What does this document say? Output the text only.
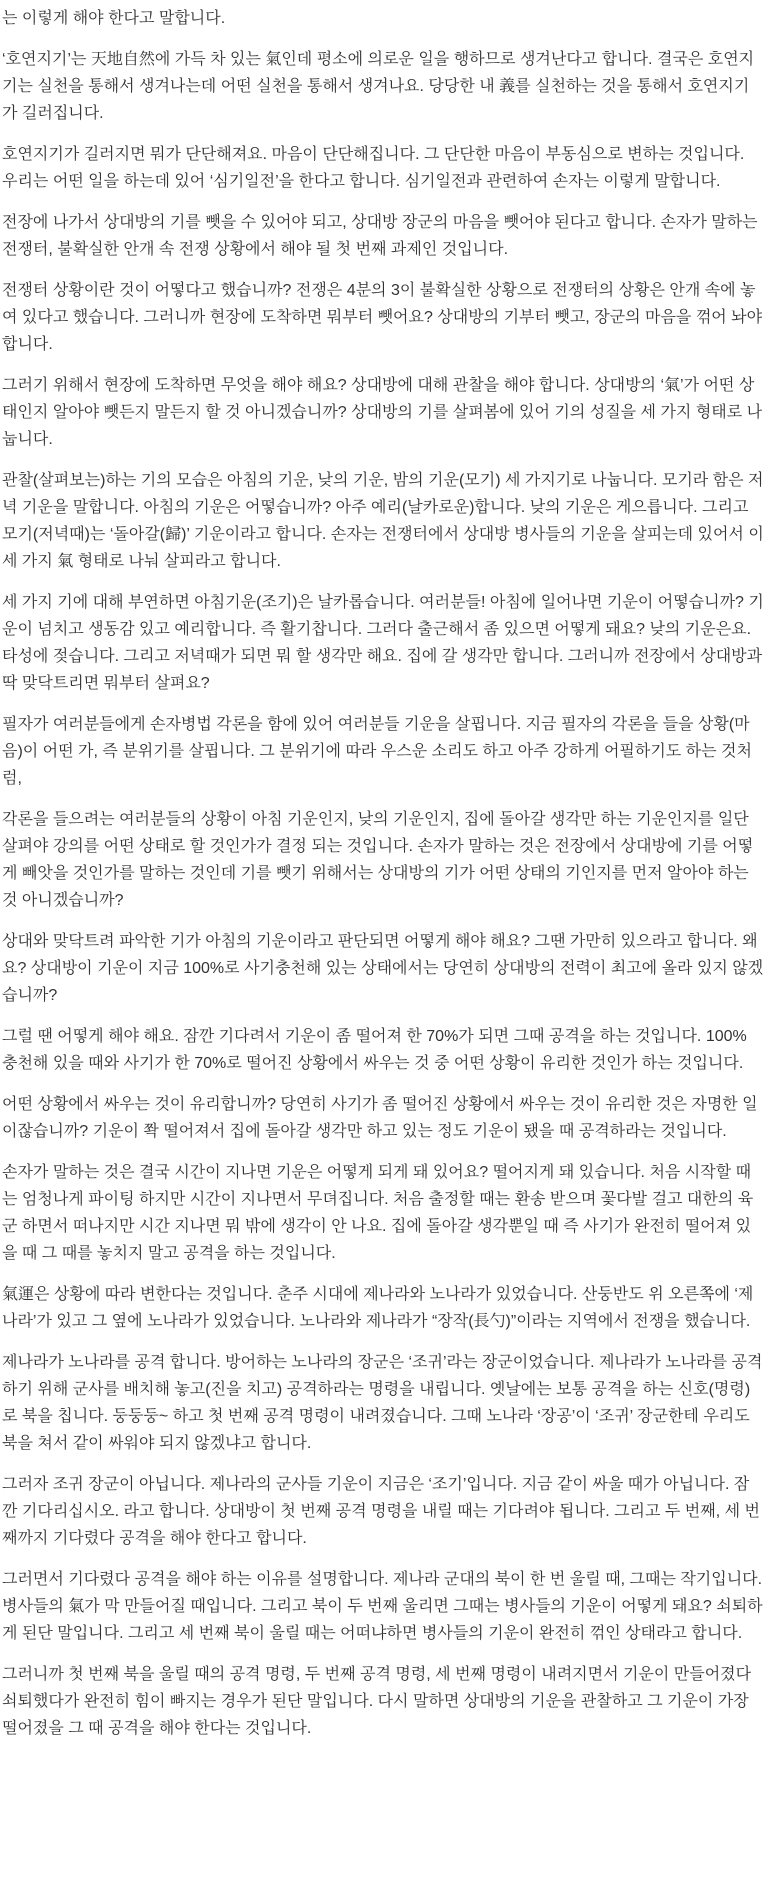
는 이렇게 해야 한다고 말합니다.

‘호연지기’는 天地自然에 가득 차 있는 氣인데 평소에 의로운 일을 행하므로 생겨난다고 합니다. 결국은 호연지기는 실천을 통해서 생겨나는데 어떤 실천을 통해서 생겨나요. 당당한 내 義를 실천하는 것을 통해서 호연지기가 길러집니다.

호연지기가 길러지면 뭐가 단단해져요. 마음이 단단해집니다. 그 단단한 마음이 부동심으로 변하는 것입니다. 우리는 어떤 일을 하는데 있어 ‘심기일전’을 한다고 합니다. 심기일전과 관련하여 손자는 이렇게 말합니다.

전장에 나가서 상대방의 기를 뺏을 수 있어야 되고, 상대방 장군의 마음을 뺏어야 된다고 합니다. 손자가 말하는 전쟁터, 불확실한 안개 속 전쟁 상황에서 해야 될 첫 번째 과제인 것입니다.

전쟁터 상황이란 것이 어떻다고 했습니까? 전쟁은 4분의 3이 불확실한 상황으로 전쟁터의 상황은 안개 속에 놓여 있다고 했습니다. 그러니까 현장에 도착하면 뭐부터 뺏어요? 상대방의 기부터 뺏고, 장군의 마음을 꺾어 놔야 합니다.

그러기 위해서 현장에 도착하면 무엇을 해야 해요? 상대방에 대해 관찰을 해야 합니다. 상대방의 ‘氣’가 어떤 상태인지 알아야 뺏든지 말든지 할 것 아니겠습니까? 상대방의 기를 살펴봄에 있어 기의 성질을 세 가지 형태로 나눕니다.

관찰(살펴보는)하는 기의 모습은 아침의 기운, 낮의 기운, 밤의 기운(모기) 세 가지기로 나눕니다. 모기라 함은 저녁 기운을 말합니다. 아침의 기운은 어떻습니까? 아주 예리(날카로운)합니다. 낮의 기운은 게으릅니다. 그리고 모기(저녁때)는 ‘돌아갈(歸)’ 기운이라고 합니다. 손자는 전쟁터에서 상대방 병사들의 기운을 살피는데 있어서 이 세 가지 氣 형태로 나눠 살피라고 합니다.

세 가지 기에 대해 부연하면 아침기운(조기)은 날카롭습니다. 여러분들! 아침에 일어나면 기운이 어떻습니까? 기운이 넘치고 생동감 있고 예리합니다. 즉 활기찹니다. 그러다 출근해서 좀 있으면 어떻게 돼요? 낮의 기운은요. 타성에 젖습니다. 그리고 저녁때가 되면 뭐 할 생각만 해요. 집에 갈 생각만 합니다. 그러니까 전장에서 상대방과 딱 맞닥트리면 뭐부터 살펴요?

필자가 여러분들에게 손자병법 각론을 함에 있어 여러분들 기운을 살핍니다. 지금 필자의 각론을 들을 상황(마음)이 어떤 가, 즉 분위기를 살핍니다. 그 분위기에 따라 우스운 소리도 하고 아주 강하게 어필하기도 하는 것처럼,

각론을 들으려는 여러분들의 상황이 아침 기운인지, 낮의 기운인지, 집에 돌아갈 생각만 하는 기운인지를 일단 살펴야 강의를 어떤 상태로 할 것인가가 결정 되는 것입니다. 손자가 말하는 것은 전장에서 상대방에 기를 어떻게 빼앗을 것인가를 말하는 것인데 기를 뺏기 위해서는 상대방의 기가 어떤 상태의 기인지를 먼저 알아야 하는 것 아니겠습니까?

상대와 맞닥트려 파악한 기가 아침의 기운이라고 판단되면 어떻게 해야 해요? 그땐 가만히 있으라고 합니다. 왜요? 상대방이 기운이 지금 100%로 사기충천해 있는 상태에서는 당연히 상대방의 전력이 최고에 올라 있지 않겠습니까?

그럴 땐 어떻게 해야 해요. 잠깐 기다려서 기운이 좀 떨어져 한 70%가 되면 그때 공격을 하는 것입니다. 100% 충천해 있을 때와 사기가 한 70%로 떨어진 상황에서 싸우는 것 중 어떤 상황이 유리한 것인가 하는 것입니다.

어떤 상황에서 싸우는 것이 유리합니까? 당연히 사기가 좀 떨어진 상황에서 싸우는 것이 유리한 것은 자명한 일이잖습니까? 기운이 쫙 떨어져서 집에 돌아갈 생각만 하고 있는 정도 기운이 됐을 때 공격하라는 것입니다.

손자가 말하는 것은 결국 시간이 지나면 기운은 어떻게 되게 돼 있어요? 떨어지게 돼 있습니다. 처음 시작할 때는 엄청나게 파이팅 하지만 시간이 지나면서 무뎌집니다. 처음 출정할 때는 환송 받으며 꽃다발 걸고 대한의 육군 하면서 떠나지만 시간 지나면 뭐 밖에 생각이 안 나요. 집에 돌아갈 생각뿐일 때 즉 사기가 완전히 떨어져 있을 때 그 때를 놓치지 말고 공격을 하는 것입니다.

氣運은 상황에 따라 변한다는 것입니다. 춘주 시대에 제나라와 노나라가 있었습니다. 산둥반도 위 오른쪽에 ‘제나라’가 있고 그 옆에 노나라가 있었습니다. 노나라와 제나라가 “장작(長勺)”이라는 지역에서 전쟁을 했습니다.

제나라가 노나라를 공격 합니다. 방어하는 노나라의 장군은 ‘조귀’라는 장군이었습니다. 제나라가 노나라를 공격하기 위해 군사를 배치해 놓고(진을 치고) 공격하라는 명령을 내립니다. 옛날에는 보통 공격을 하는 신호(명령)로 북을 칩니다. 둥둥둥~ 하고 첫 번째 공격 명령이 내려졌습니다. 그때 노나라 ‘장공’이 ‘조귀’ 장군한테 우리도 북을 쳐서 같이 싸워야 되지 않겠냐고 합니다.

그러자 조귀 장군이 아닙니다. 제나라의 군사들 기운이 지금은 ‘조기’입니다. 지금 같이 싸울 때가 아닙니다. 잠깐 기다리십시오. 라고 합니다. 상대방이 첫 번째 공격 명령을 내릴 때는 기다려야 됩니다. 그리고 두 번째, 세 번째까지 기다렸다 공격을 해야 한다고 합니다.

그러면서 기다렸다 공격을 해야 하는 이유를 설명합니다. 제나라 군대의 북이 한 번 울릴 때, 그때는 작기입니다. 병사들의 氣가 막 만들어질 때입니다. 그리고 북이 두 번째 울리면 그때는 병사들의 기운이 어떻게 돼요? 쇠퇴하게 된단 말입니다. 그리고 세 번째 북이 울릴 때는 어떠냐하면 병사들의 기운이 완전히 꺾인 상태라고 합니다.

그러니까 첫 번째 북을 울릴 때의 공격 명령, 두 번째 공격 명령, 세 번째 명령이 내려지면서 기운이 만들어졌다 쇠퇴했다가 완전히 힘이 빠지는 경우가 된단 말입니다. 다시 말하면 상대방의 기운을 관찰하고 그 기운이 가장 떨어졌을 그 때 공격을 해야 한다는 것입니다.
